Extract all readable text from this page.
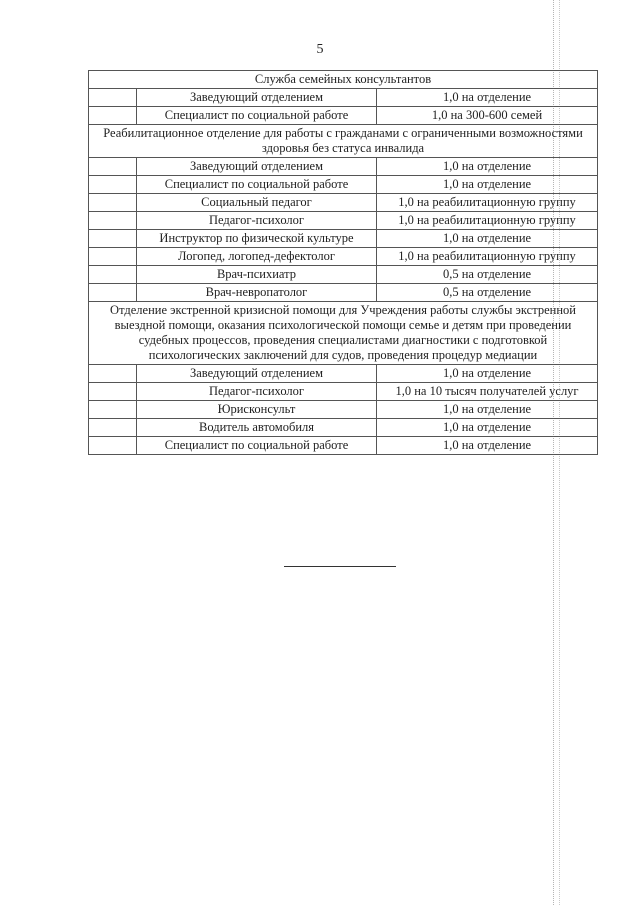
5
Служба семейных консультантов		
	Заведующий отделением	1,0 на отделение
	Специалист по социальной работе	1,0 на 300-600 семей
Реабилитационное отделение для работы с гражданами с ограниченными возможностями здоровья без статуса инвалида		
	Заведующий отделением	1,0 на отделение
	Специалист по социальной работе	1,0 на отделение
	Социальный педагог	1,0 на реабилитационную группу
	Педагог-психолог	1,0 на реабилитационную группу
	Инструктор по физической культуре	1,0 на отделение
	Логопед, логопед-дефектолог	1,0 на реабилитационную группу
	Врач-психиатр	0,5 на отделение
	Врач-невропатолог	0,5 на отделение
Отделение экстренной кризисной помощи для Учреждения работы службы экстренной выездной помощи, оказания психологической помощи семье и детям при проведении судебных процессов, проведения специалистами диагностики с подготовкой психологических заключений для судов, проведения процедур медиации		
	Заведующий отделением	1,0 на отделение
	Педагог-психолог	1,0 на 10 тысяч получателей услуг
	Юрисконсульт	1,0 на отделение
	Водитель автомобиля	1,0 на отделение
	Специалист по социальной работе	1,0 на отделение
